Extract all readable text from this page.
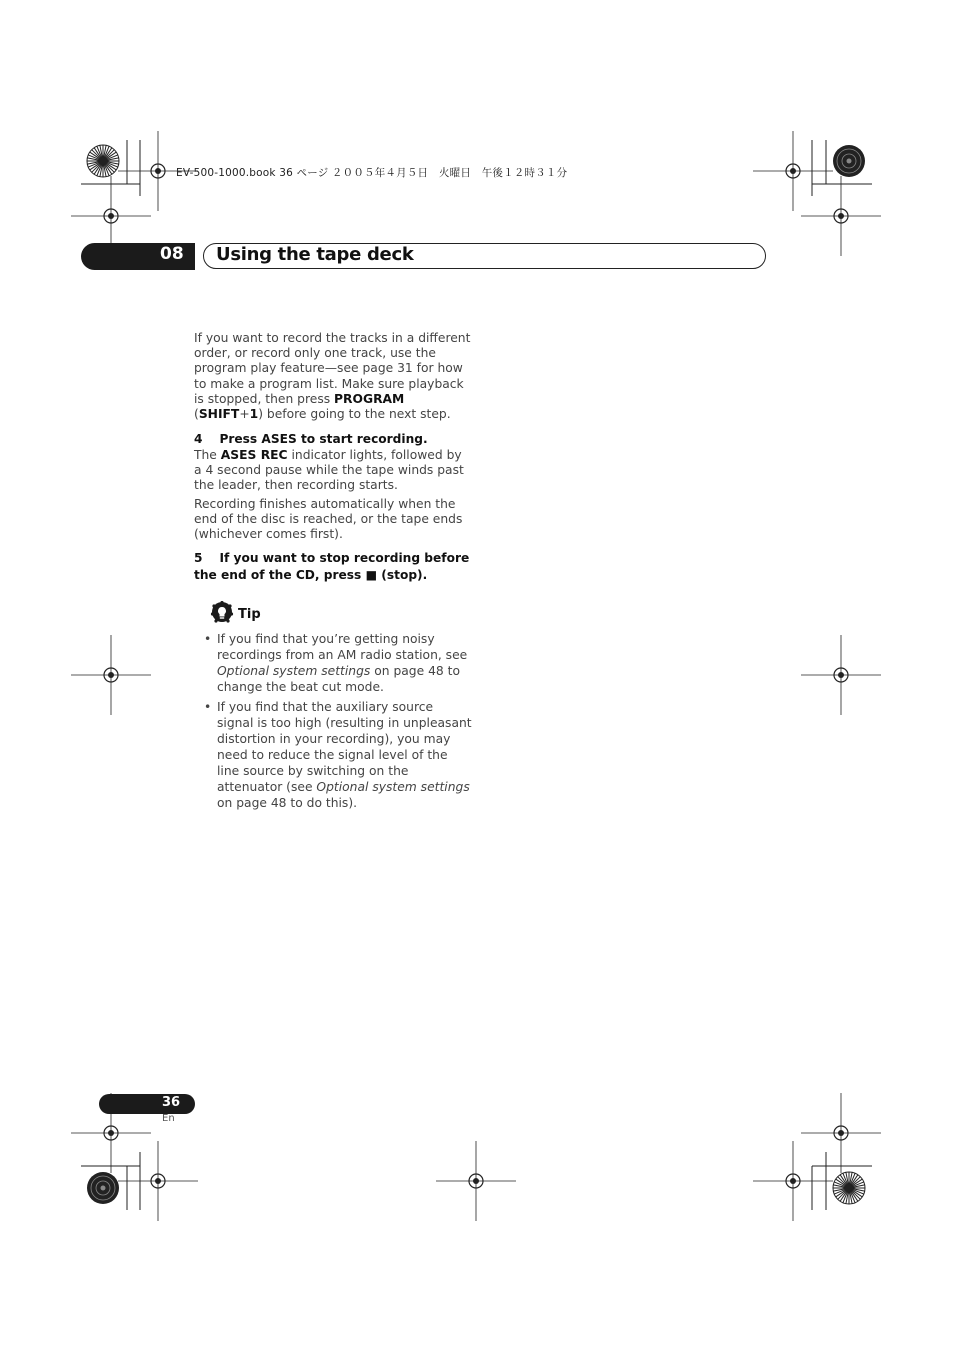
EV-500-1000.book 36 ページ ２００５年４月５日　火曜日　午後１２時３１分
08 Using the tape deck
If you want to record the tracks in a different order, or record only one track, use the program play feature—see page 31 for how to make a program list. Make sure playback is stopped, then press PROGRAM (SHIFT+1) before going to the next step.
4    Press ASES to start recording.
The ASES REC indicator lights, followed by a 4 second pause while the tape winds past the leader, then recording starts.
Recording finishes automatically when the end of the disc is reached, or the tape ends (whichever comes first).
5    If you want to stop recording before the end of the CD, press ■ (stop).
Tip
• If you find that you’re getting noisy recordings from an AM radio station, see Optional system settings on page 48 to change the beat cut mode.
• If you find that the auxiliary source signal is too high (resulting in unpleasant distortion in your recording), you may need to reduce the signal level of the line source by switching on the attenuator (see Optional system settings on page 48 to do this).
36
En
